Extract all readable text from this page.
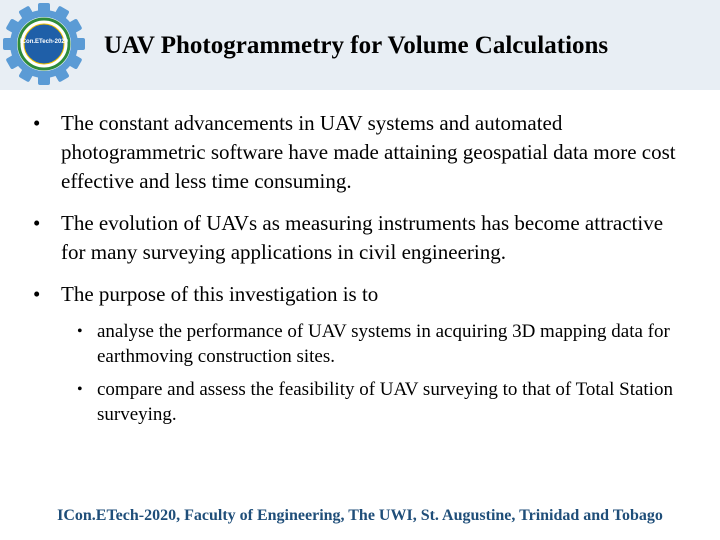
ICon.ETech-2020	UAV Photogrammetry for Volume Calculations
• The constant advancements in UAV systems and automated photogrammetric software have made attaining geospatial data more cost effective and less time consuming.
• The evolution of UAVs as measuring instruments has become attractive for many surveying applications in civil engineering.
• The purpose of this investigation is to
• analyse the performance of UAV systems in acquiring 3D mapping data for earthmoving construction sites.
• compare and assess the feasibility of UAV surveying to that of Total Station surveying.
ICon.ETech-2020, Faculty of Engineering, The UWI, St. Augustine, Trinidad and Tobago
